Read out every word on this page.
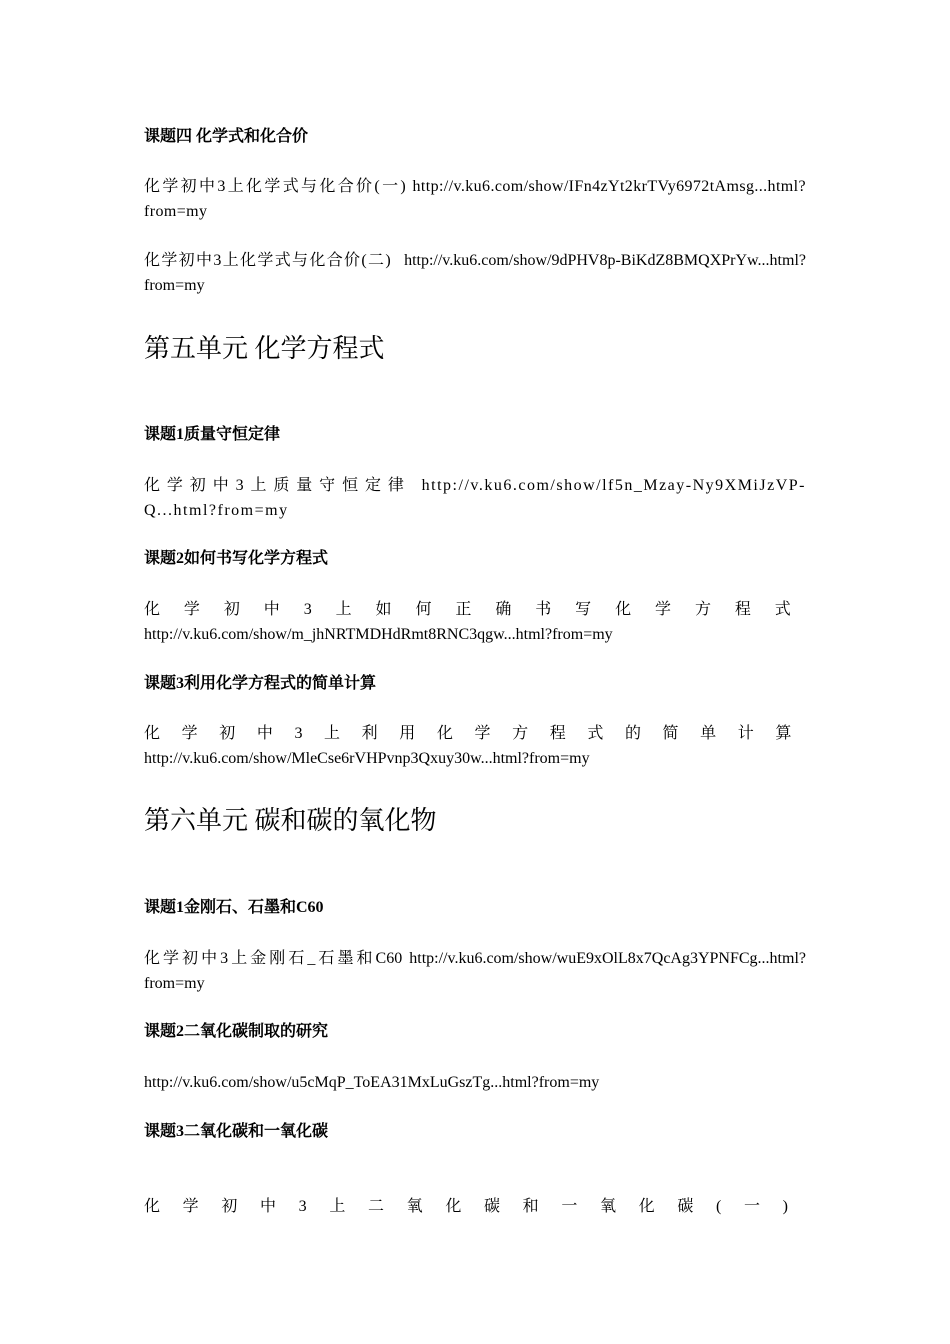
课题四 化学式和化合价

化学初中3上化学式与化合价(一) http://v.ku6.com/show/IFn4zYt2krTVy6972tAmsg...html?from=my

化学初中3上化学式与化合价(二) http://v.ku6.com/show/9dPHV8p-BiKdZ8BMQXPrYw...html?from=my

第五单元 化学方程式

课题1质量守恒定律

化学初中3上质量守恒定律 http://v.ku6.com/show/lf5n_Mzay-Ny9XMiJzVP-Q...html?from=my

课题2如何书写化学方程式

化学初中3上如何正确书写化学方程式

http://v.ku6.com/show/m_jhNRTMDHdRmt8RNC3qgw...html?from=my

课题3利用化学方程式的简单计算

化学初中3上利用化学方程式的简单计算

http://v.ku6.com/show/MleCse6rVHPvnp3Qxuy30w...html?from=my

第六单元 碳和碳的氧化物

课题1金刚石、石墨和C60

化学初中3上金刚石_石墨和C60 http://v.ku6.com/show/wuE9xOlL8x7QcAg3YPNFCg...html?from=my

课题2二氧化碳制取的研究

http://v.ku6.com/show/u5cMqP_ToEA31MxLuGszTg...html?from=my

课题3二氧化碳和一氧化碳

化学初中3上二氧化碳和一氧化碳(一)
